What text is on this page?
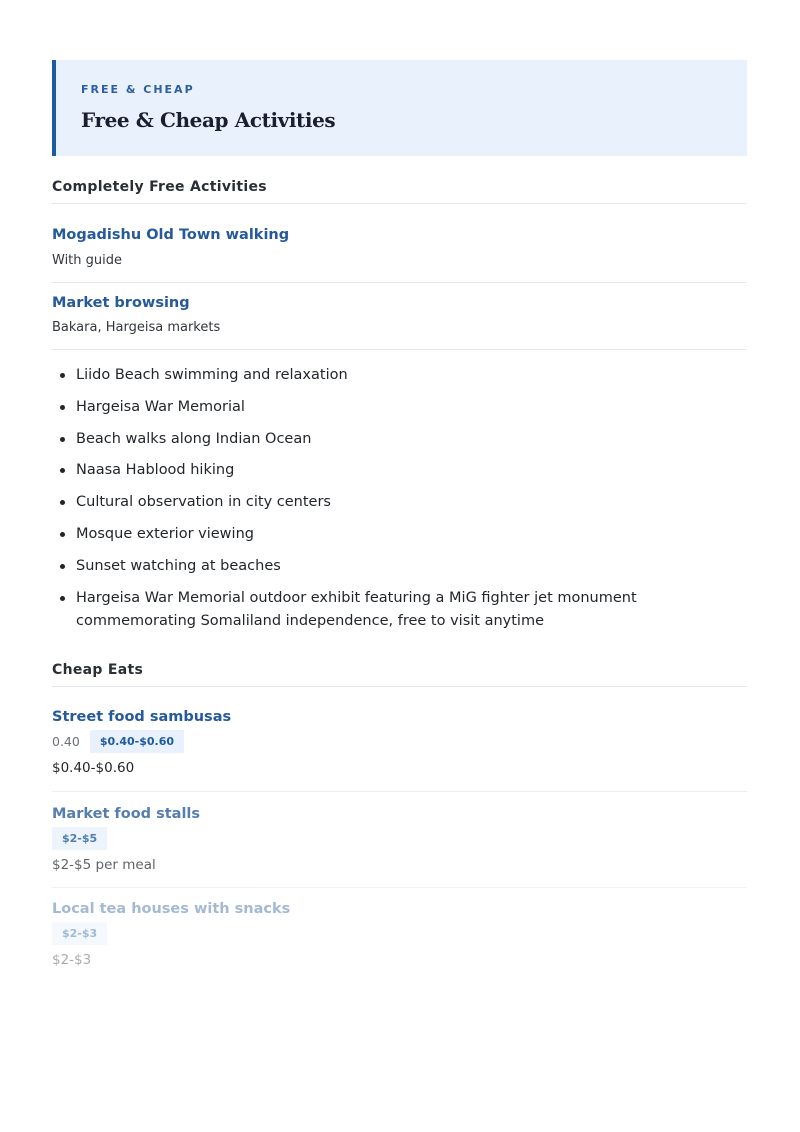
FREE & CHEAP
Free & Cheap Activities
Completely Free Activities
Mogadishu Old Town walking
With guide
Market browsing
Bakara, Hargeisa markets
Liido Beach swimming and relaxation
Hargeisa War Memorial
Beach walks along Indian Ocean
Naasa Hablood hiking
Cultural observation in city centers
Mosque exterior viewing
Sunset watching at beaches
Hargeisa War Memorial outdoor exhibit featuring a MiG fighter jet monument commemorating Somaliland independence, free to visit anytime
Cheap Eats
Street food sambusas
0.40	$0.40-$0.60
$0.40-$0.60
Market food stalls
$2-$5
$2-$5 per meal
Local tea houses with snacks
$2-$3
$2-$3
